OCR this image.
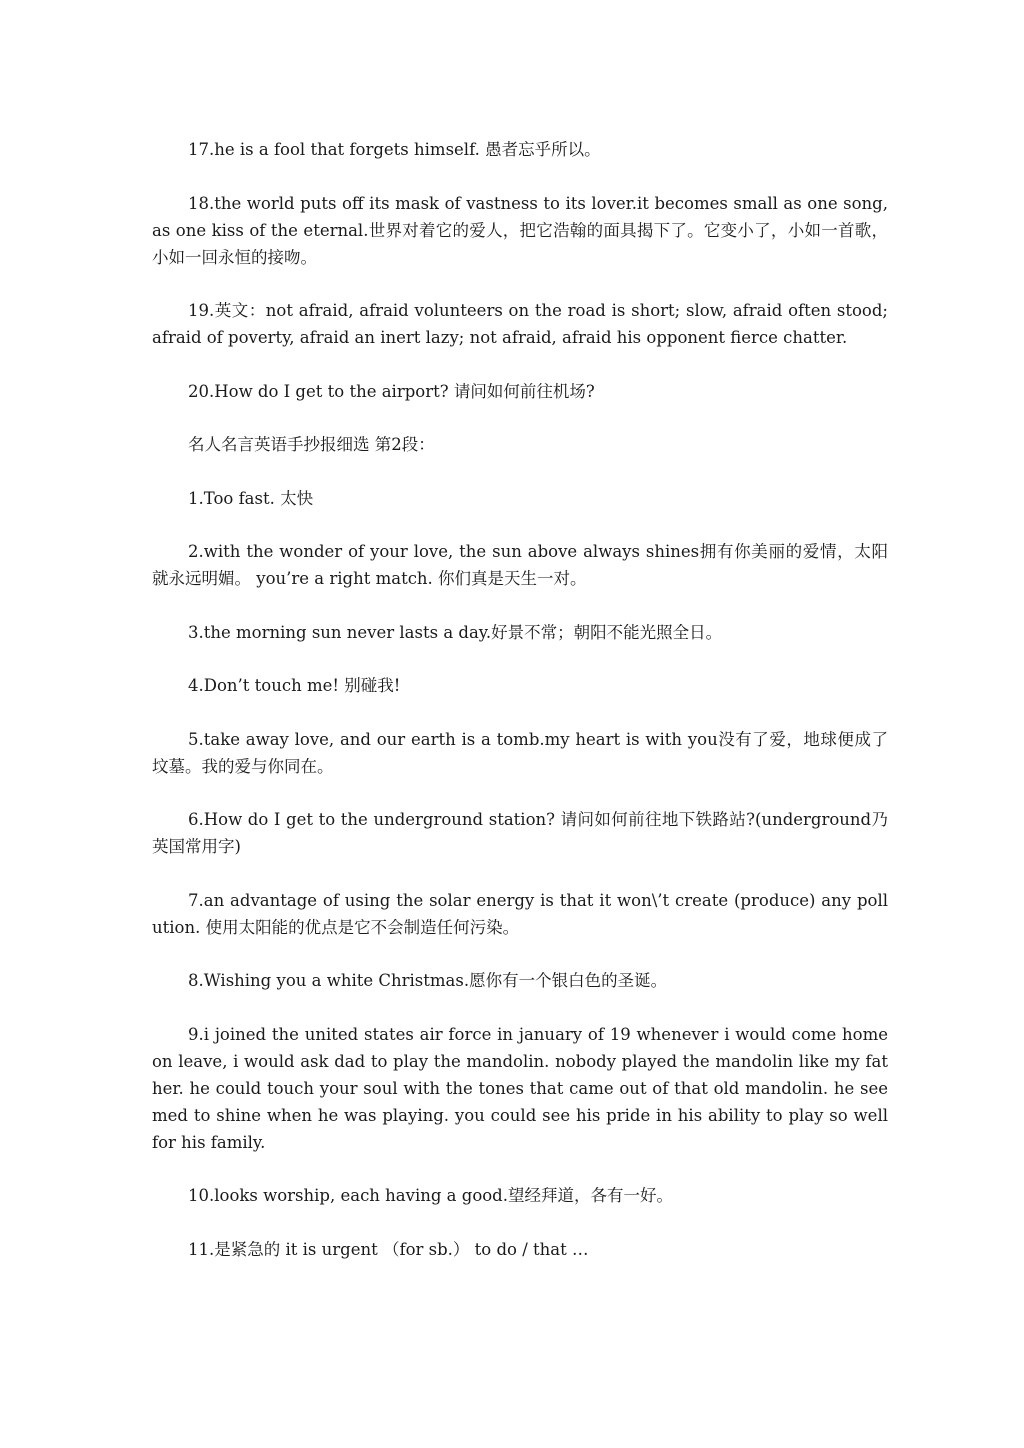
17.he is a fool that forgets himself. 愚者忘乎所以。

18.the world puts off its mask of vastness to its lover.it becomes small as one song, as one kiss of the eternal.世界对着它的爱人，把它浩翰的面具揭下了。它变小了，小如一首歌，小如一回永恒的接吻。

19.英文：not afraid, afraid volunteers on the road is short; slow, afraid often stood; afraid of poverty, afraid an inert lazy; not afraid, afraid his opponent fierce chatter.

20.How do I get to the airport? 请问如何前往机场?

名人名言英语手抄报细选 第2段：

1.Too fast. 太快

2.with the wonder of your love, the sun above always shines拥有你美丽的爱情，太阳就永远明媚。 you’re a right match. 你们真是天生一对。

3.the morning sun never lasts a day.好景不常；朝阳不能光照全日。

4.Don’t touch me! 别碰我!

5.take away love, and our earth is a tomb.my heart is with you没有了爱，地球便成了坟墓。我的爱与你同在。

6.How do I get to the underground station? 请问如何前往地下铁路站?(underground乃英国常用字)

7.an advantage of using the solar energy is that it won\’t create (produce) any pollution. 使用太阳能的优点是它不会制造任何污染。

8.Wishing you a white Christmas.愿你有一个银白色的圣诞。

9.i joined the united states air force in january of 19 whenever i would come home on leave, i would ask dad to play the mandolin. nobody played the mandolin like my father. he could touch your soul with the tones that came out of that old mandolin. he seemed to shine when he was playing. you could see his pride in his ability to play so well for his family.

10.looks worship, each having a good.望经拜道，各有一好。

11.是紧急的 it is urgent （for sb.） to do / that …
